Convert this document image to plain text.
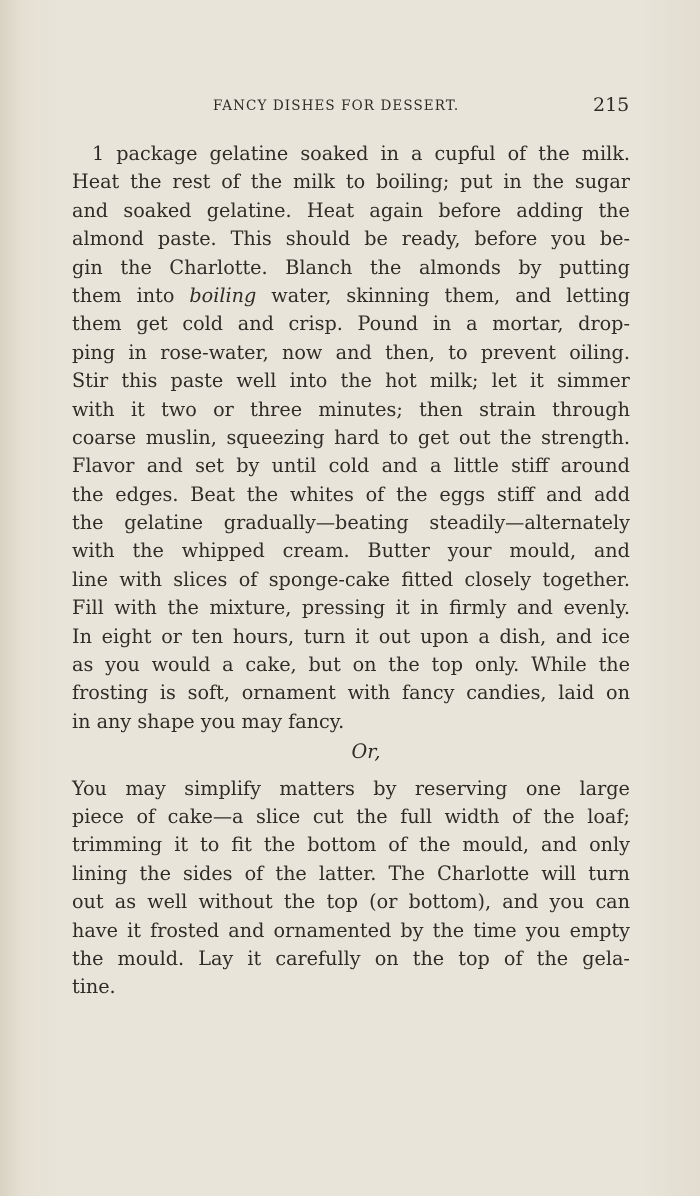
FANCY DISHES FOR DESSERT.	215
1 package gelatine soaked in a cupful of the milk.
Heat the rest of the milk to boiling; put in the sugar
and soaked gelatine. Heat again before adding the
almond paste. This should be ready, before you be-
gin the Charlotte. Blanch the almonds by putting
them into boiling water, skinning them, and letting
them get cold and crisp. Pound in a mortar, drop-
ping in rose-water, now and then, to prevent oiling.
Stir this paste well into the hot milk; let it simmer
with it two or three minutes; then strain through
coarse muslin, squeezing hard to get out the strength.
Flavor and set by until cold and a little stiff around
the edges. Beat the whites of the eggs stiff and add
the gelatine gradually—beating steadily—alternately
with the whipped cream. Butter your mould, and
line with slices of sponge-cake fitted closely together.
Fill with the mixture, pressing it in firmly and evenly.
In eight or ten hours, turn it out upon a dish, and ice
as you would a cake, but on the top only. While the
frosting is soft, ornament with fancy candies, laid on
in any shape you may fancy.
Or,
You may simplify matters by reserving one large
piece of cake—a slice cut the full width of the loaf;
trimming it to fit the bottom of the mould, and only
lining the sides of the latter. The Charlotte will turn
out as well without the top (or bottom), and you can
have it frosted and ornamented by the time you empty
the mould. Lay it carefully on the top of the gela-
tine.
